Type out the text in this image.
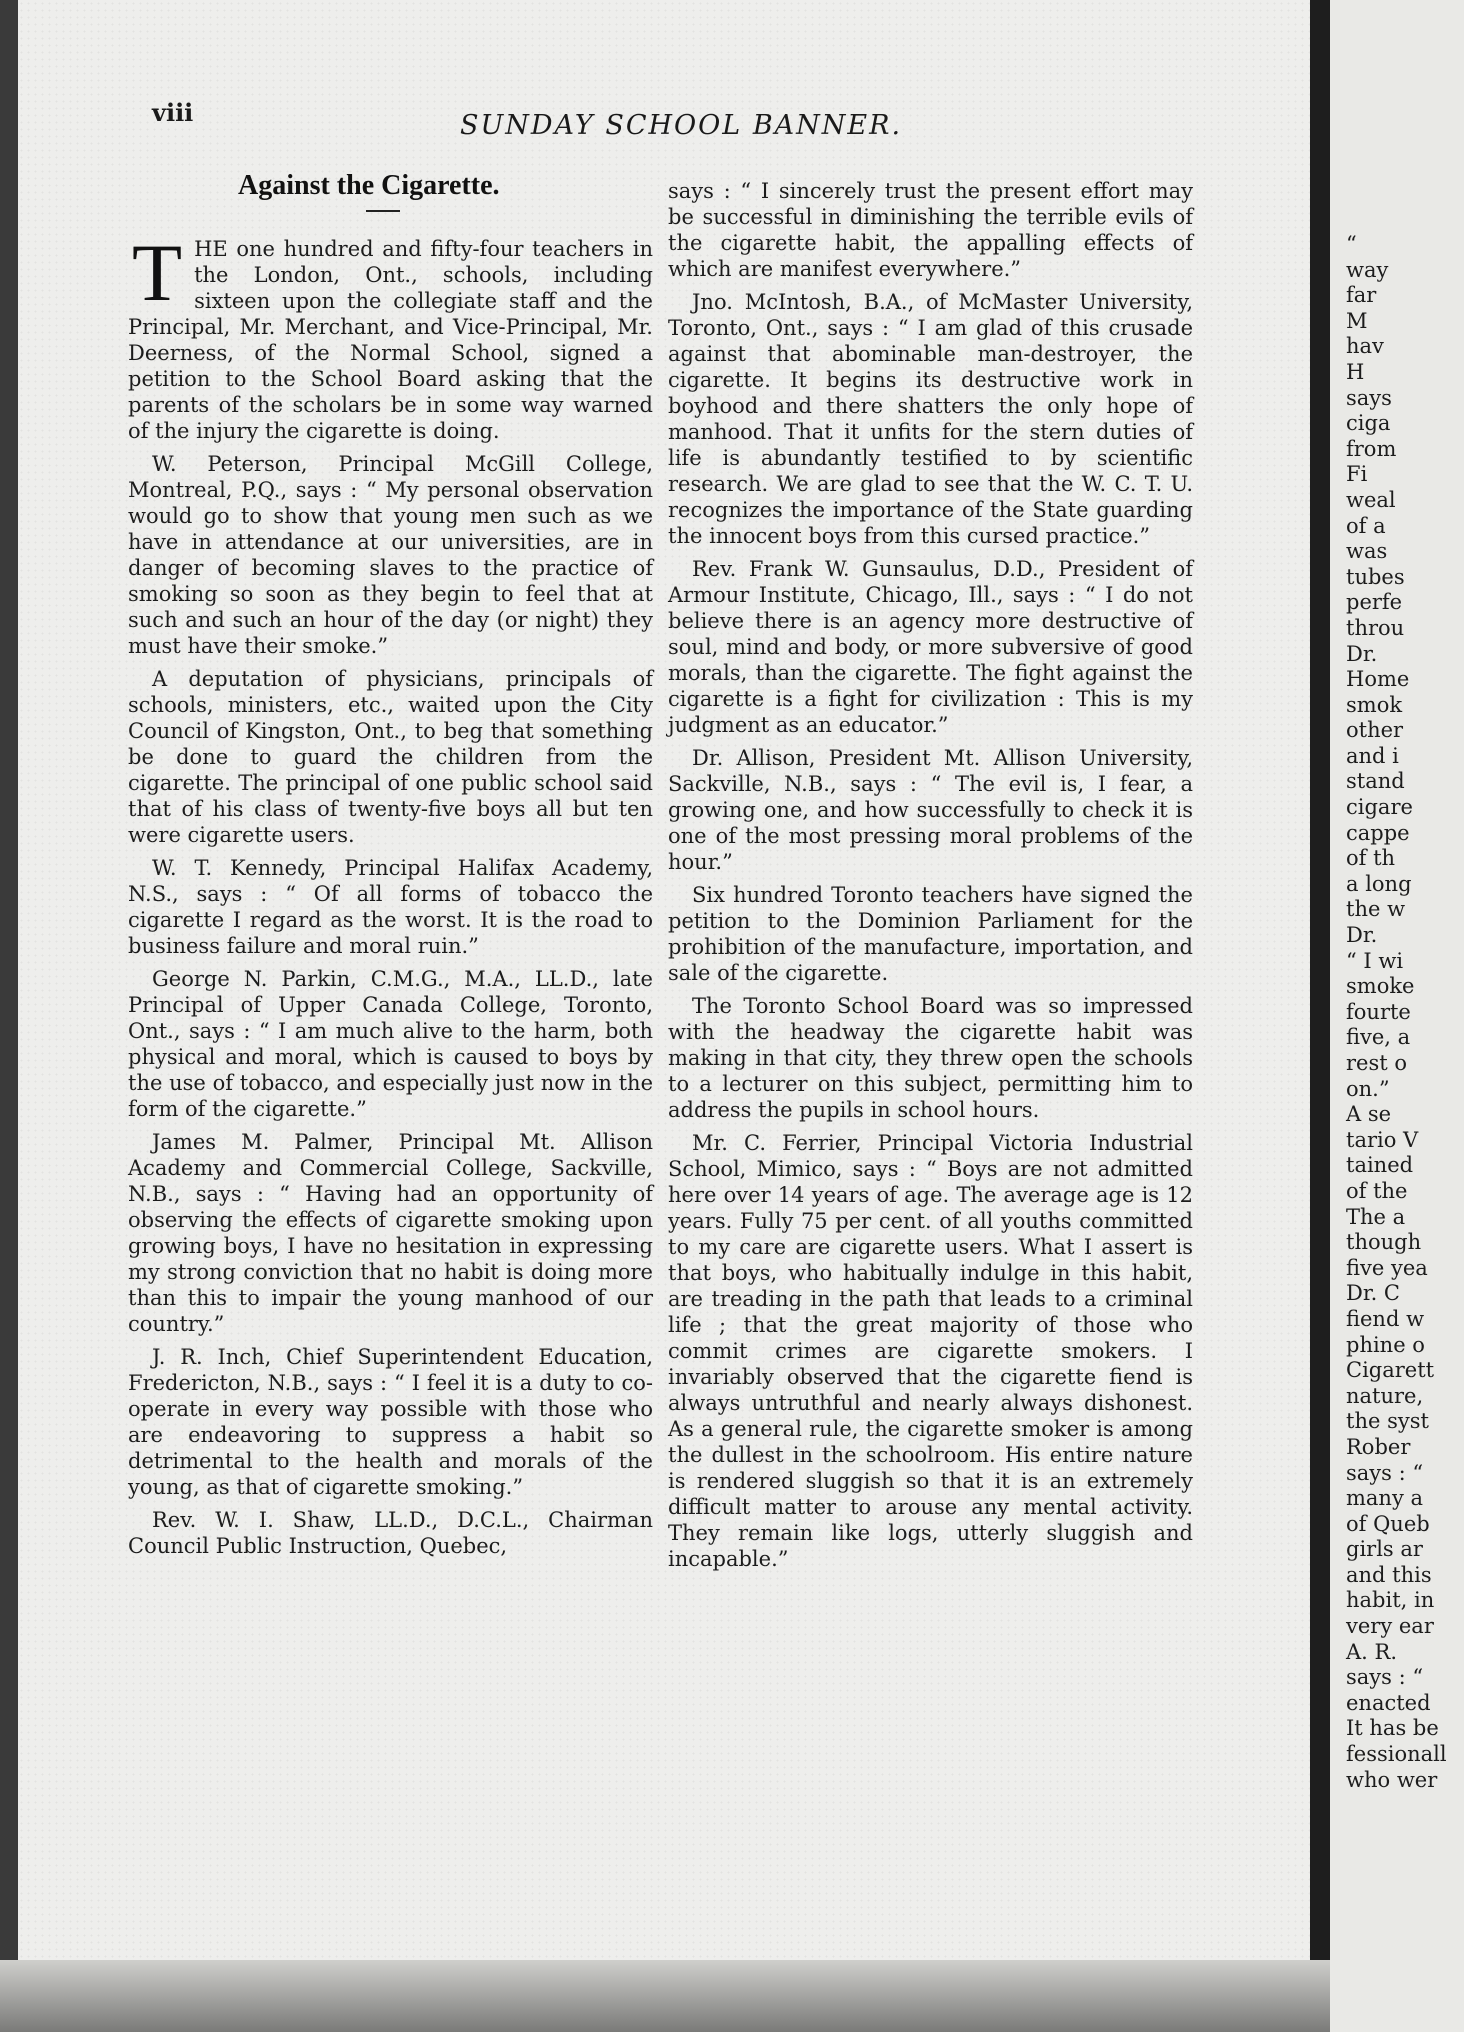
viii	SUNDAY SCHOOL BANNER.
Against the Cigarette.

THE one hundred and fifty-four teachers in the London, Ont., schools, including sixteen upon the collegiate staff and the Principal, Mr. Merchant, and Vice-Principal, Mr. Deerness, of the Normal School, signed a petition to the School Board asking that the parents of the scholars be in some way warned of the injury the cigarette is doing.

W. Peterson, Principal McGill College, Montreal, P.Q., says : “ My personal observation would go to show that young men such as we have in attendance at our universities, are in danger of becoming slaves to the practice of smoking so soon as they begin to feel that at such and such an hour of the day (or night) they must have their smoke.”

A deputation of physicians, principals of schools, ministers, etc., waited upon the City Council of Kingston, Ont., to beg that something be done to guard the children from the cigarette. The principal of one public school said that of his class of twenty-five boys all but ten were cigarette users.

W. T. Kennedy, Principal Halifax Academy, N.S., says : “ Of all forms of tobacco the cigarette I regard as the worst. It is the road to business failure and moral ruin.”

George N. Parkin, C.M.G., M.A., LL.D., late Principal of Upper Canada College, Toronto, Ont., says : “ I am much alive to the harm, both physical and moral, which is caused to boys by the use of tobacco, and especially just now in the form of the cigarette.”

James M. Palmer, Principal Mt. Allison Academy and Commercial College, Sackville, N.B., says : “ Having had an opportunity of observing the effects of cigarette smoking upon growing boys, I have no hesitation in expressing my strong conviction that no habit is doing more than this to impair the young manhood of our country.”

J. R. Inch, Chief Superintendent Education, Fredericton, N.B., says : “ I feel it is a duty to co-operate in every way possible with those who are endeavoring to suppress a habit so detrimental to the health and morals of the young, as that of cigarette smoking.”

Rev. W. I. Shaw, LL.D., D.C.L., Chairman Council Public Instruction, Quebec,

says : “ I sincerely trust the present effort may be successful in diminishing the terrible evils of the cigarette habit, the appalling effects of which are manifest everywhere.”

Jno. McIntosh, B.A., of McMaster University, Toronto, Ont., says : “ I am glad of this crusade against that abominable man-destroyer, the cigarette. It begins its destructive work in boyhood and there shatters the only hope of manhood. That it unfits for the stern duties of life is abundantly testified to by scientific research. We are glad to see that the W. C. T. U. recognizes the importance of the State guarding the innocent boys from this cursed practice.”

Rev. Frank W. Gunsaulus, D.D., President of Armour Institute, Chicago, Ill., says : “ I do not believe there is an agency more destructive of soul, mind and body, or more subversive of good morals, than the cigarette. The fight against the cigarette is a fight for civilization : This is my judgment as an educator.”

Dr. Allison, President Mt. Allison University, Sackville, N.B., says : “ The evil is, I fear, a growing one, and how successfully to check it is one of the most pressing moral problems of the hour.”

Six hundred Toronto teachers have signed the petition to the Dominion Parliament for the prohibition of the manufacture, importation, and sale of the cigarette.

The Toronto School Board was so impressed with the headway the cigarette habit was making in that city, they threw open the schools to a lecturer on this subject, permitting him to address the pupils in school hours.

Mr. C. Ferrier, Principal Victoria Industrial School, Mimico, says : “ Boys are not admitted here over 14 years of age. The average age is 12 years. Fully 75 per cent. of all youths committed to my care are cigarette users. What I assert is that boys, who habitually indulge in this habit, are treading in the path that leads to a criminal life ; that the great majority of those who commit crimes are cigarette smokers. I invariably observed that the cigarette fiend is always untruthful and nearly always dishonest. As a general rule, the cigarette smoker is among the dullest in the schoolroom. His entire nature is rendered sluggish so that it is an extremely difficult matter to arouse any mental activity. They remain like logs, utterly sluggish and incapable.”

“
way
far
M
hav
H
says
ciga
from
Fi
weal
of a
was
tubes
perfe
throu
Dr.
Home
smok
other
and i
stand
cigare
cappe
of th
a long
the w
Dr.
“ I wi
smoke
fourte
five, a
rest o
on.”
A se
tario V
tained
of the
The a
though
five yea
Dr. C
fiend w
phine o
Cigarett
nature,
the syst
Rober
says : “
many a
of Queb
girls ar
and this
habit, in
very ear
A. R.
says : “
enacted
It has be
fessionall
who wer
